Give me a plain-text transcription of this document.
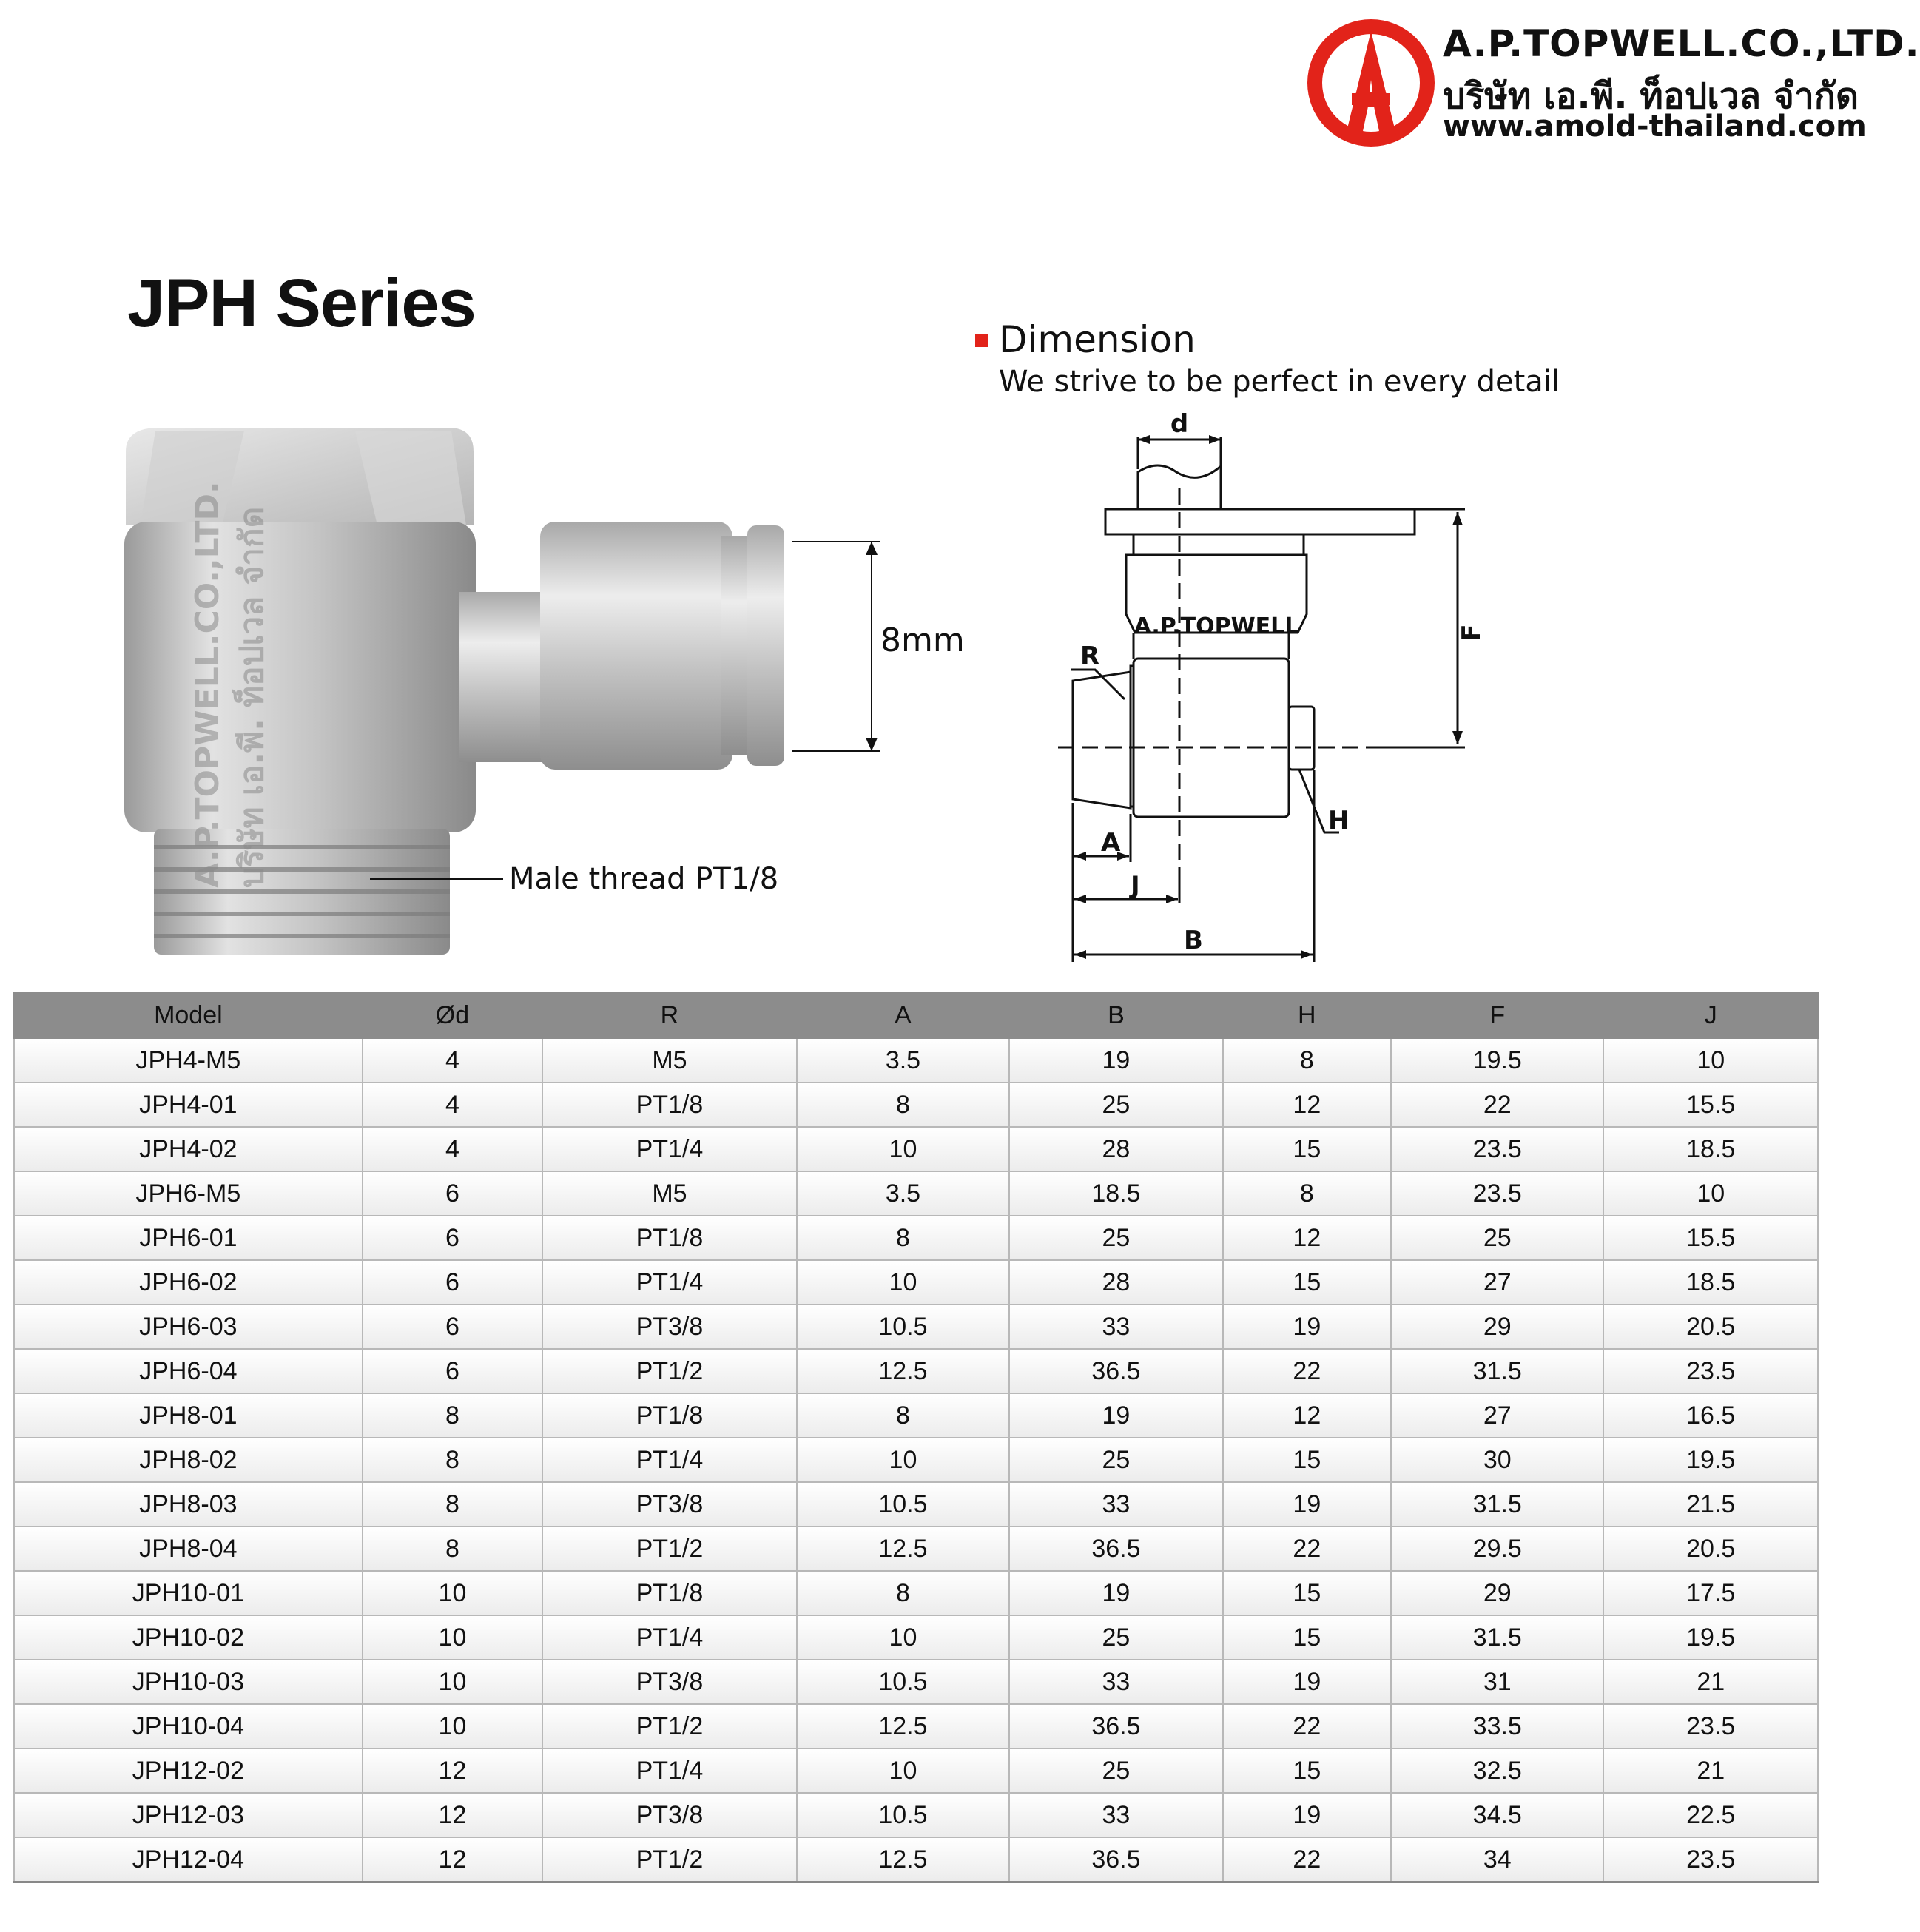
A A.P.TOPWELL.CO.,LTD.
บริษัท เอ.พี. ท็อปเวล จำกัด
www.amold-thailand.com
JPH Series	Dimension
We strive to be perfect in every detail
A.P.TOPWELL.CO.,LTD. บริษัท เอ.พี. ท็อปเวล จำกัด	8mm
Male thread PT1/8
A.P.TOPWELL
d
F
R
H
A
J
B
Model	Ød	R	A	B	H	F	J
JPH4-M5	4	M5	3.5	19	8	19.5	10
JPH4-01	4	PT1/8	8	25	12	22	15.5
JPH4-02	4	PT1/4	10	28	15	23.5	18.5
JPH6-M5	6	M5	3.5	18.5	8	23.5	10
JPH6-01	6	PT1/8	8	25	12	25	15.5
JPH6-02	6	PT1/4	10	28	15	27	18.5
JPH6-03	6	PT3/8	10.5	33	19	29	20.5
JPH6-04	6	PT1/2	12.5	36.5	22	31.5	23.5
JPH8-01	8	PT1/8	8	19	12	27	16.5
JPH8-02	8	PT1/4	10	25	15	30	19.5
JPH8-03	8	PT3/8	10.5	33	19	31.5	21.5
JPH8-04	8	PT1/2	12.5	36.5	22	29.5	20.5
JPH10-01	10	PT1/8	8	19	15	29	17.5
JPH10-02	10	PT1/4	10	25	15	31.5	19.5
JPH10-03	10	PT3/8	10.5	33	19	31	21
JPH10-04	10	PT1/2	12.5	36.5	22	33.5	23.5
JPH12-02	12	PT1/4	10	25	15	32.5	21
JPH12-03	12	PT3/8	10.5	33	19	34.5	22.5
JPH12-04	12	PT1/2	12.5	36.5	22	34	23.5
